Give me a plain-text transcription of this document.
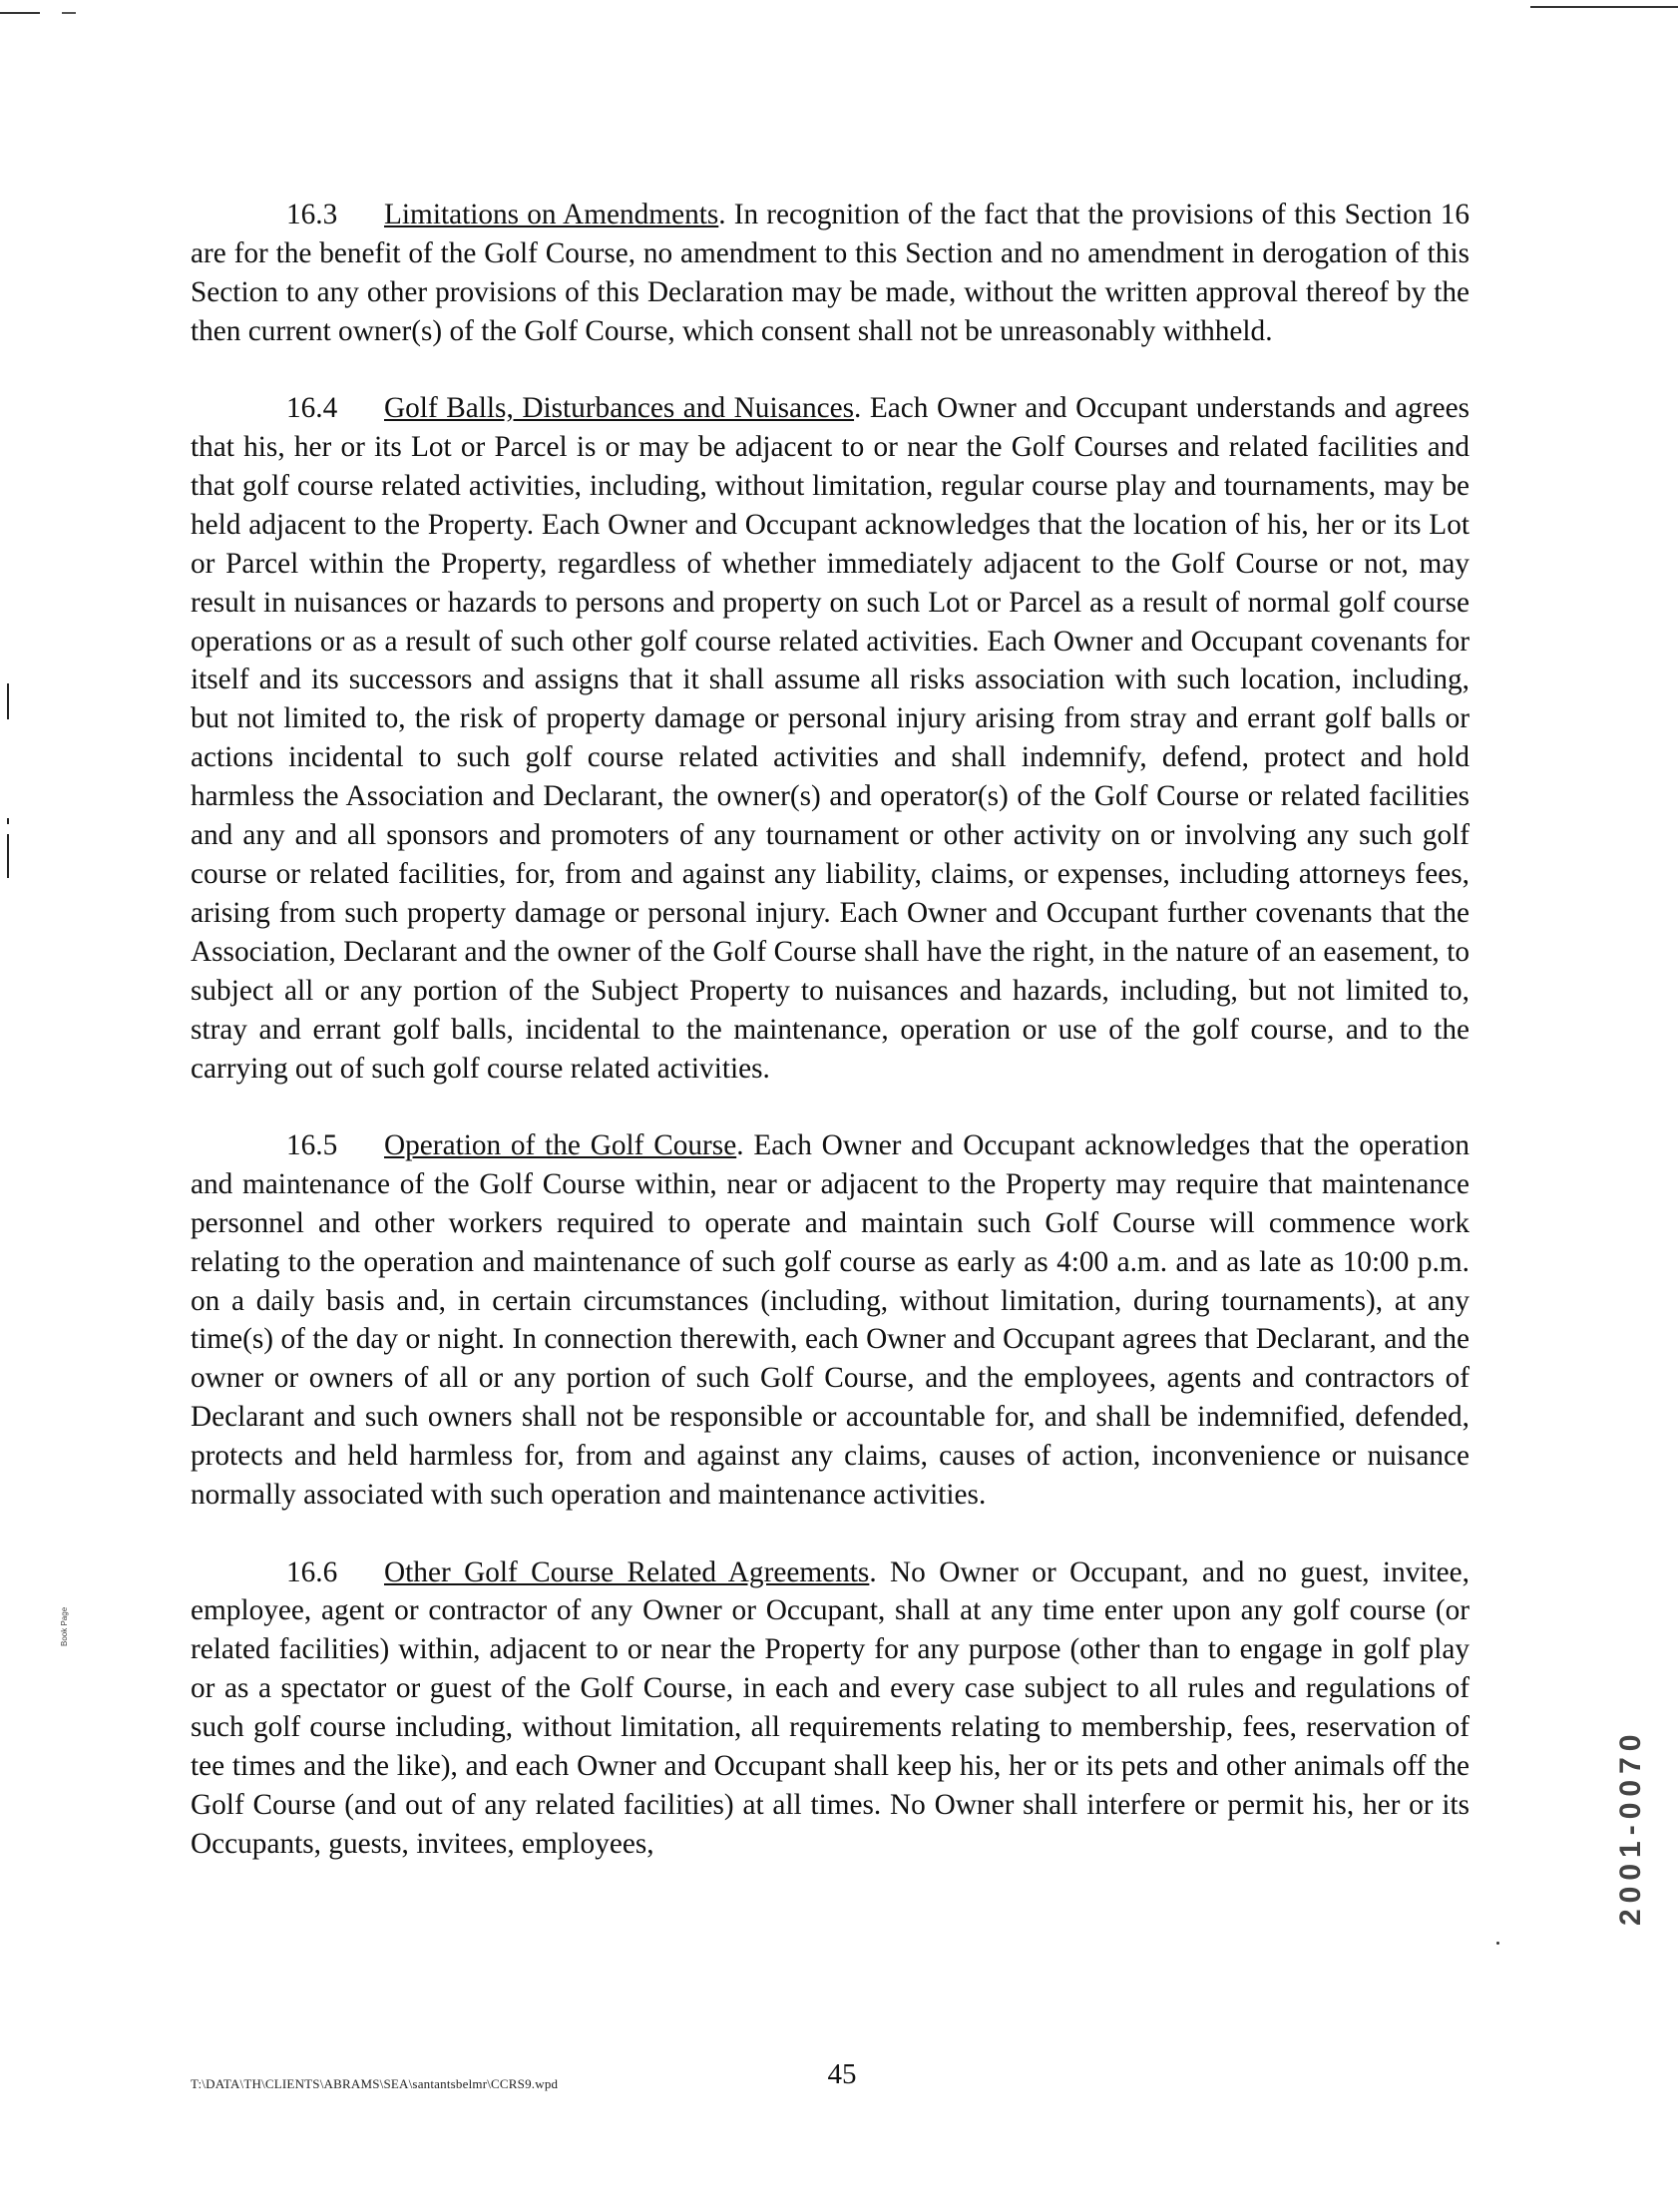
16.3 Limitations on Amendments. In recognition of the fact that the provisions of this Section 16 are for the benefit of the Golf Course, no amendment to this Section and no amendment in derogation of this Section to any other provisions of this Declaration may be made, without the written approval thereof by the then current owner(s) of the Golf Course, which consent shall not be unreasonably withheld.

16.4 Golf Balls, Disturbances and Nuisances. Each Owner and Occupant understands and agrees that his, her or its Lot or Parcel is or may be adjacent to or near the Golf Courses and related facilities and that golf course related activities, including, without limitation, regular course play and tournaments, may be held adjacent to the Property. Each Owner and Occupant acknowledges that the location of his, her or its Lot or Parcel within the Property, regardless of whether immediately adjacent to the Golf Course or not, may result in nuisances or hazards to persons and property on such Lot or Parcel as a result of normal golf course operations or as a result of such other golf course related activities. Each Owner and Occupant covenants for itself and its successors and assigns that it shall assume all risks association with such location, including, but not limited to, the risk of property damage or personal injury arising from stray and errant golf balls or actions incidental to such golf course related activities and shall indemnify, defend, protect and hold harmless the Association and Declarant, the owner(s) and operator(s) of the Golf Course or related facilities and any and all sponsors and promoters of any tournament or other activity on or involving any such golf course or related facilities, for, from and against any liability, claims, or expenses, including attorneys fees, arising from such property damage or personal injury. Each Owner and Occupant further covenants that the Association, Declarant and the owner of the Golf Course shall have the right, in the nature of an easement, to subject all or any portion of the Subject Property to nuisances and hazards, including, but not limited to, stray and errant golf balls, incidental to the maintenance, operation or use of the golf course, and to the carrying out of such golf course related activities.

16.5 Operation of the Golf Course. Each Owner and Occupant acknowledges that the operation and maintenance of the Golf Course within, near or adjacent to the Property may require that maintenance personnel and other workers required to operate and maintain such Golf Course will commence work relating to the operation and maintenance of such golf course as early as 4:00 a.m. and as late as 10:00 p.m. on a daily basis and, in certain circumstances (including, without limitation, during tournaments), at any time(s) of the day or night. In connection therewith, each Owner and Occupant agrees that Declarant, and the owner or owners of all or any portion of such Golf Course, and the employees, agents and contractors of Declarant and such owners shall not be responsible or accountable for, and shall be indemnified, defended, protects and held harmless for, from and against any claims, causes of action, inconvenience or nuisance normally associated with such operation and maintenance activities.

16.6 Other Golf Course Related Agreements. No Owner or Occupant, and no guest, invitee, employee, agent or contractor of any Owner or Occupant, shall at any time enter upon any golf course (or related facilities) within, adjacent to or near the Property for any purpose (other than to engage in golf play or as a spectator or guest of the Golf Course, in each and every case subject to all rules and regulations of such golf course including, without limitation, all requirements relating to membership, fees, reservation of tee times and the like), and each Owner and Occupant shall keep his, her or its pets and other animals off the Golf Course (and out of any related facilities) at all times. No Owner shall interfere or permit his, her or its Occupants, guests, invitees, employees,	2001-0070
Book Page
T:\DATA\TH\CLIENTS\ABRAMS\SEA\santantsbelmr\CCRS9.wpd	45
